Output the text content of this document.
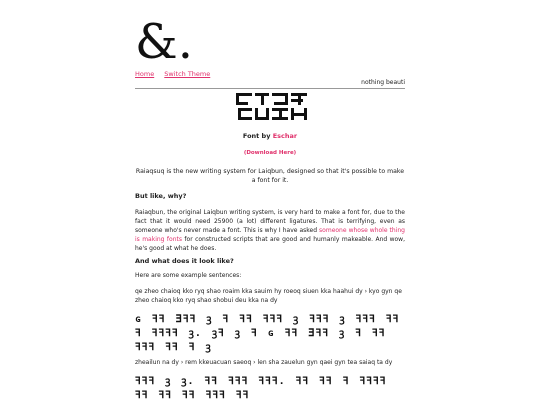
&.
Home Switch Theme
nothing beauti
Font by Eschar
(Download Here)

Raiaqsuq is the new writing system for Laiqbun, designed so that it's possible to make a font for it.

But like, why?

Raiaqbun, the original Laiqbun writing system, is very hard to make a font for, due to the fact that it would need 25900 (a lot) different ligatures. That is terrifying, even as someone who's never made a font. This is why I have asked someone whose whole thing is making fonts for constructed scripts that are good and humanly makeable. And wow, he's good at what he does.

And what does it look like?

Here are some example sentences:

qe zheo chaioq kko ryq shao roaim kka sauim hy roeoq siuen kka haahui dy › kyo gyn qe zheo chaioq kko ryq shao shobui deu kka na dy

ɢ ꟻꟻ ⴺꟻꟻ ꝫ ꟻ ꟻꟻ ꟻꟻꟻ ꝫ ꟻꟻꟻ ꝫ ꟻꟻꟻ ꟻꟻ ꟻ ꟻꟻꟻꟻ ꝫ. ꝫꟻ ꝫ ꟻ ɢ ꟻꟻ ⴺꟻꟻ ꝫ ꟻ ꟻꟻ ꟻꟻꟻ ꟻꟻ ꟻ ꝫ

zheailun na dy › rem kkeuacuan saeoq › len sha zauelun gyn qaei gyn tea saiaq ta dy

ꟻꟻꟻ ꝫ ꝫ. ꟻꟻ ꟻꟻꟻ ꟻꟻꟻ. ꟻꟻ ꟻꟻ ꟻ ꟻꟻꟻꟻ ꟻꟻ ꟻꟻ ꟻꟻ ꟻꟻꟻ ꟻꟻ
